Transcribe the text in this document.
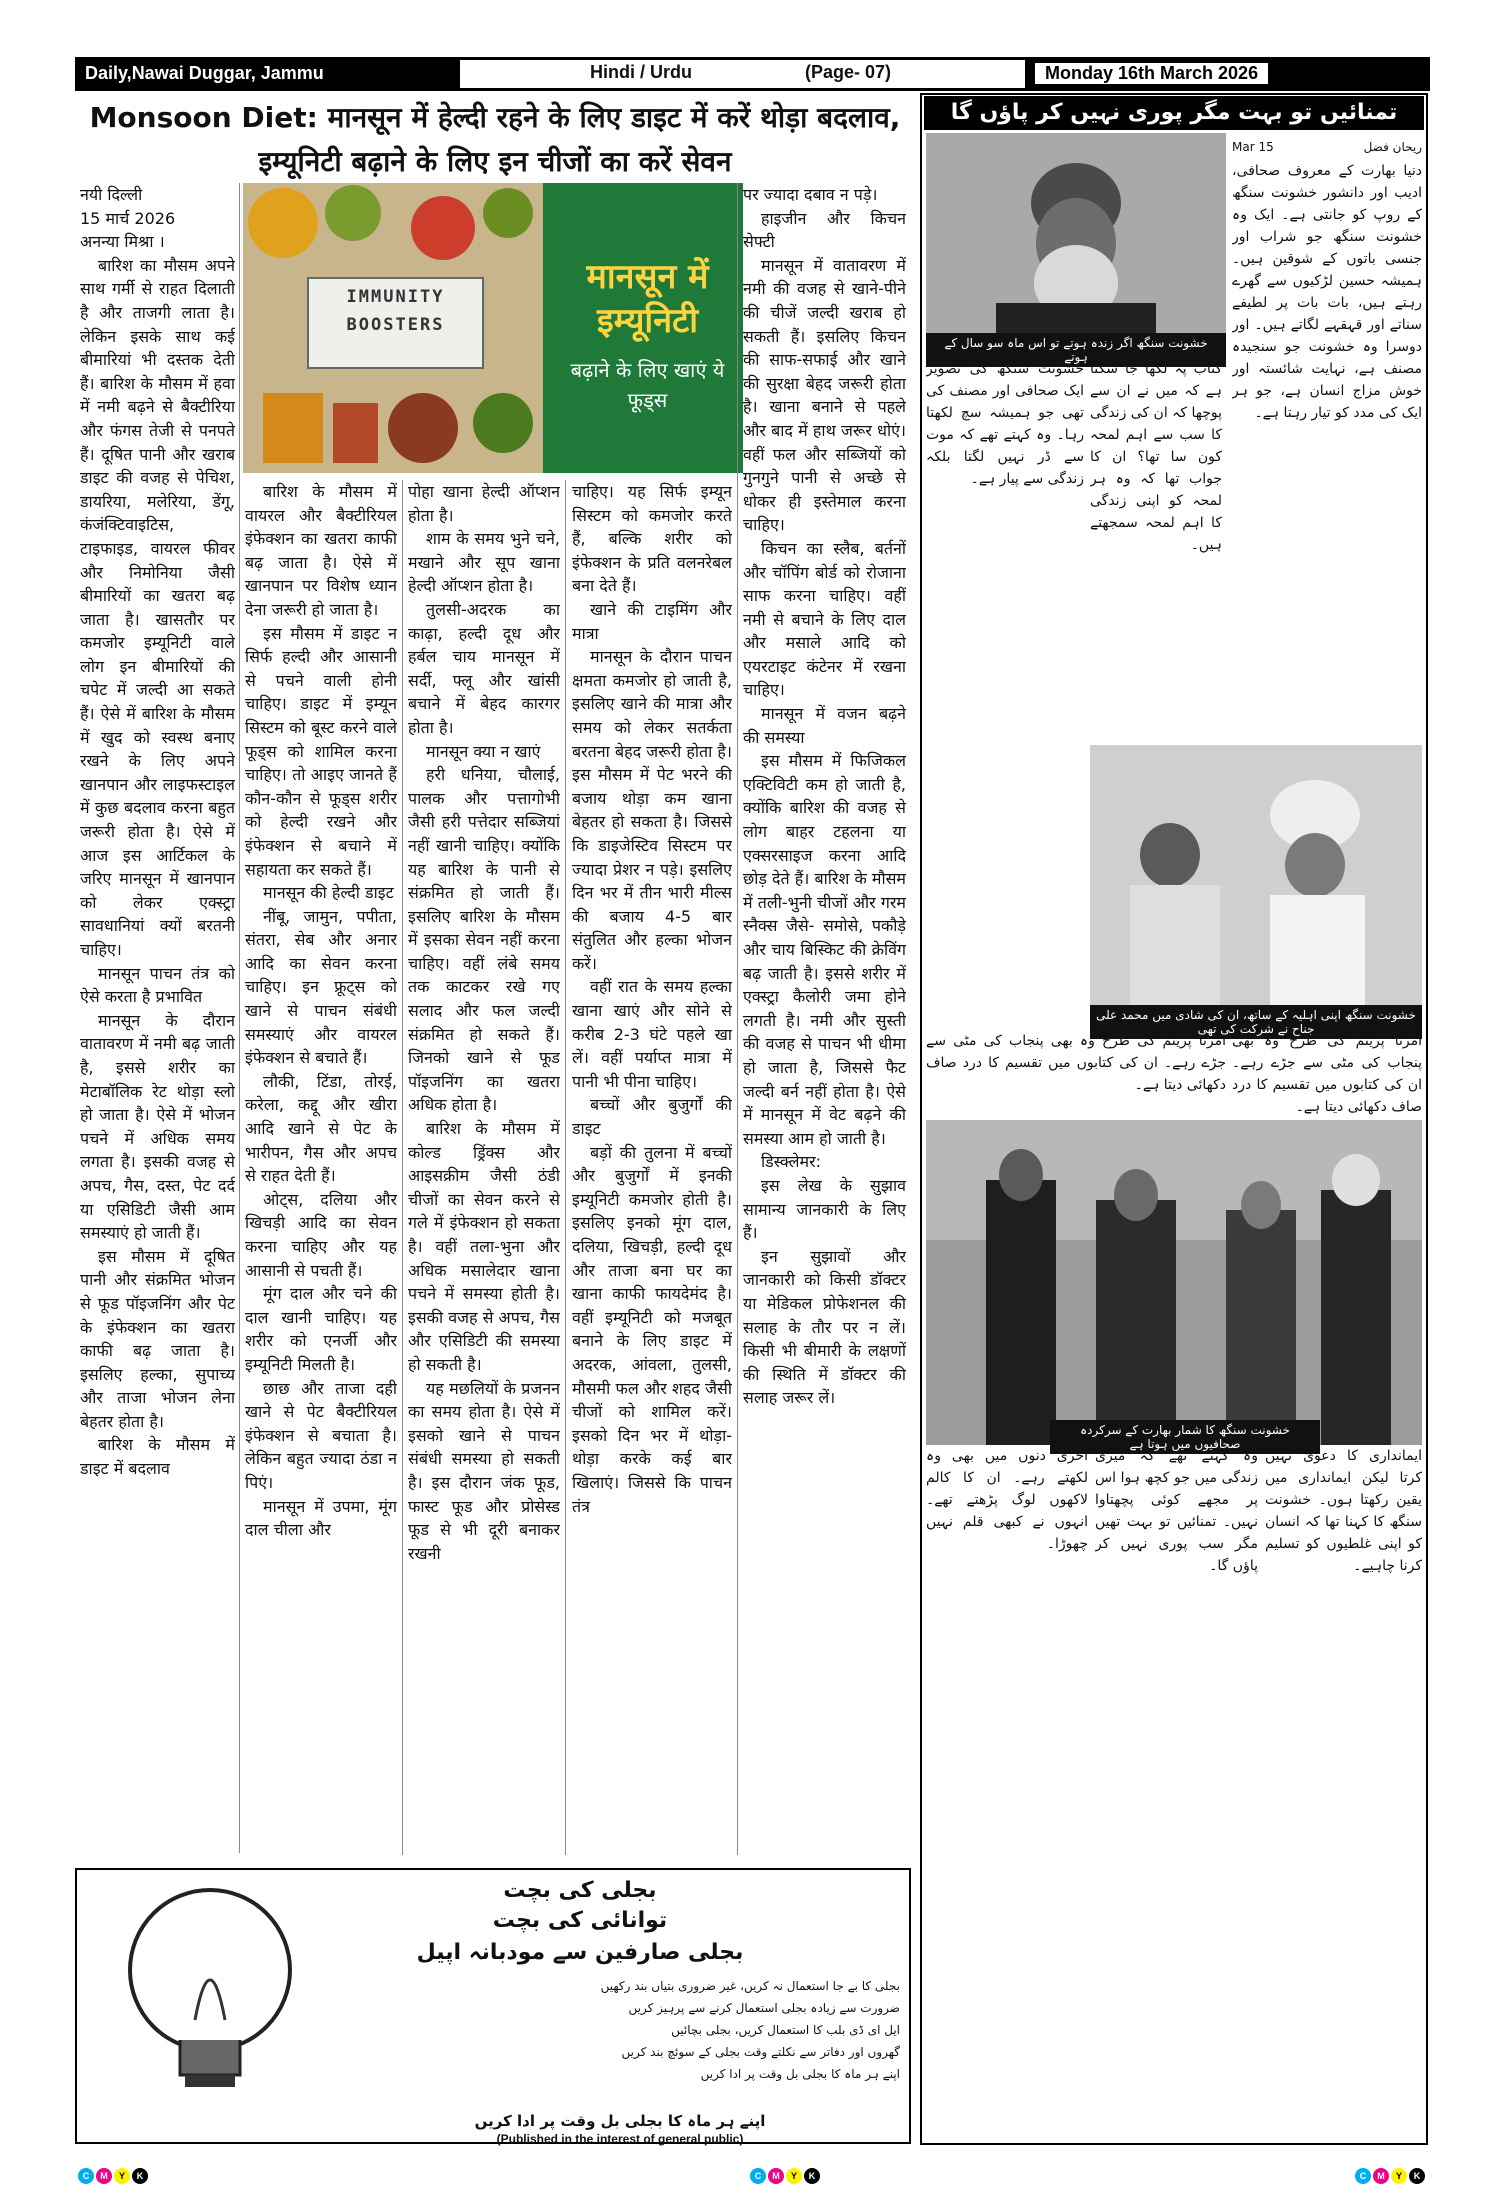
Daily,Nawai Duggar, Jammu	Hindi / Urdu	(Page- 07)	Monday 16th March 2026
Monsoon Diet: मानसून में हेल्दी रहने के लिए डाइट में करें थोड़ा बदलाव, इम्यूनिटी बढ़ाने के लिए इन चीजों का करें सेवन

नयी दिल्ली

15 मार्च 2026

अनन्या मिश्रा ।

बारिश का मौसम अपने साथ गर्मी से राहत दिलाती है और ताजगी लाता है। लेकिन इसके साथ कई बीमारियां भी दस्तक देती हैं। बारिश के मौसम में हवा में नमी बढ़ने से बैक्टीरिया और फंगस तेजी से पनपते हैं। दूषित पानी और खराब डाइट की वजह से पेचिश, डायरिया, मलेरिया, डेंगू, कंजंक्टिवाइटिस, टाइफाइड, वायरल फीवर और निमोनिया जैसी बीमारियों का खतरा बढ़ जाता है। खासतौर पर कमजोर इम्यूनिटी वाले लोग इन बीमारियों की चपेट में जल्दी आ सकते हैं। ऐसे में बारिश के मौसम में खुद को स्वस्थ बनाए रखने के लिए अपने खानपान और लाइफस्टाइल में कुछ बदलाव करना बहुत जरूरी होता है। ऐसे में आज इस आर्टिकल के जरिए मानसून में खानपान को लेकर एक्स्ट्रा सावधानियां क्यों बरतनी चाहिए।

मानसून पाचन तंत्र को ऐसे करता है प्रभावित

मानसून के दौरान वातावरण में नमी बढ़ जाती है, इससे शरीर का मेटाबॉलिक रेट थोड़ा स्लो हो जाता है। ऐसे में भोजन पचने में अधिक समय लगता है। इसकी वजह से अपच, गैस, दस्त, पेट दर्द या एसिडिटी जैसी आम समस्याएं हो जाती हैं।

इस मौसम में दूषित पानी और संक्रमित भोजन से फूड पॉइजनिंग और पेट के इंफेक्शन का खतरा काफी बढ़ जाता है। इसलिए हल्का, सुपाच्य और ताजा भोजन लेना बेहतर होता है।

बारिश के मौसम में डाइट में बदलाव

IMMUNITY BOOSTERS
मानसून में इम्यूनिटी
बढ़ाने के लिए खाएं ये फूड्स

बारिश के मौसम में वायरल और बैक्टीरियल इंफेक्शन का खतरा काफी बढ़ जाता है। ऐसे में खानपान पर विशेष ध्यान देना जरूरी हो जाता है।

इस मौसम में डाइट न सिर्फ हल्दी और आसानी से पचने वाली होनी चाहिए। डाइट में इम्यून सिस्टम को बूस्ट करने वाले फूड्स को शामिल करना चाहिए। तो आइए जानते हैं कौन-कौन से फूड्स शरीर को हेल्दी रखने और इंफेक्शन से बचाने में सहायता कर सकते हैं।

मानसून की हेल्दी डाइट

नींबू, जामुन, पपीता, संतरा, सेब और अनार आदि का सेवन करना चाहिए। इन फ्रूट्स को खाने से पाचन संबंधी समस्याएं और वायरल इंफेक्शन से बचाते हैं।

लौकी, टिंडा, तोरई, करेला, कद्दू और खीरा आदि खाने से पेट के भारीपन, गैस और अपच से राहत देती हैं।

ओट्स, दलिया और खिचड़ी आदि का सेवन करना चाहिए और यह आसानी से पचती हैं।

मूंग दाल और चने की दाल खानी चाहिए। यह शरीर को एनर्जी और इम्यूनिटी मिलती है।

छाछ और ताजा दही खाने से पेट बैक्टीरियल इंफेक्शन से बचाता है। लेकिन बहुत ज्यादा ठंडा न पिएं।

मानसून में उपमा, मूंग दाल चीला और

पोहा खाना हेल्दी ऑप्शन होता है।

शाम के समय भुने चने, मखाने और सूप खाना हेल्दी ऑप्शन होता है।

तुलसी-अदरक का काढ़ा, हल्दी दूध और हर्बल चाय मानसून में सर्दी, फ्लू और खांसी बचाने में बेहद कारगर होता है।

मानसून क्या न खाएं

हरी धनिया, चौलाई, पालक और पत्तागोभी जैसी हरी पत्तेदार सब्जियां नहीं खानी चाहिए। क्योंकि यह बारिश के पानी से संक्रमित हो जाती हैं। इसलिए बारिश के मौसम में इसका सेवन नहीं करना चाहिए। वहीं लंबे समय तक काटकर रखे गए सलाद और फल जल्दी संक्रमित हो सकते हैं। जिनको खाने से फूड पॉइजनिंग का खतरा अधिक होता है।

बारिश के मौसम में कोल्ड ड्रिंक्स और आइसक्रीम जैसी ठंडी चीजों का सेवन करने से गले में इंफेक्शन हो सकता है। वहीं तला-भुना और अधिक मसालेदार खाना पचने में समस्या होती है। इसकी वजह से अपच, गैस और एसिडिटी की समस्या हो सकती है।

यह मछलियों के प्रजनन का समय होता है। ऐसे में इसको खाने से पाचन संबंधी समस्या हो सकती है। इस दौरान जंक फूड, फास्ट फूड और प्रोसेस्ड फूड से भी दूरी बनाकर रखनी

चाहिए। यह सिर्फ इम्यून सिस्टम को कमजोर करते हैं, बल्कि शरीर को इंफेक्शन के प्रति वलनरेबल बना देते हैं।

खाने की टाइमिंग और मात्रा

मानसून के दौरान पाचन क्षमता कमजोर हो जाती है, इसलिए खाने की मात्रा और समय को लेकर सतर्कता बरतना बेहद जरूरी होता है। इस मौसम में पेट भरने की बजाय थोड़ा कम खाना बेहतर हो सकता है। जिससे कि डाइजेस्टिव सिस्टम पर ज्यादा प्रेशर न पड़े। इसलिए दिन भर में तीन भारी मील्स की बजाय 4-5 बार संतुलित और हल्का भोजन करें।

वहीं रात के समय हल्का खाना खाएं और सोने से करीब 2-3 घंटे पहले खा लें। वहीं पर्याप्त मात्रा में पानी भी पीना चाहिए।

बच्चों और बुजुर्गों की डाइट

बड़ों की तुलना में बच्चों और बुजुर्गों में इनकी इम्यूनिटी कमजोर होती है। इसलिए इनको मूंग दाल, दलिया, खिचड़ी, हल्दी दूध और ताजा बना घर का खाना काफी फायदेमंद है। वहीं इम्यूनिटी को मजबूत बनाने के लिए डाइट में अदरक, आंवला, तुलसी, मौसमी फल और शहद जैसी चीजों को शामिल करें। इसको दिन भर में थोड़ा-थोड़ा करके कई बार खिलाएं। जिससे कि पाचन तंत्र

पर ज्यादा दबाव न पड़े।

हाइजीन और किचन सेफ्टी

मानसून में वातावरण में नमी की वजह से खाने-पीने की चीजें जल्दी खराब हो सकती हैं। इसलिए किचन की साफ-सफाई और खाने की सुरक्षा बेहद जरूरी होता है। खाना बनाने से पहले और बाद में हाथ जरूर धोएं। वहीं फल और सब्जियों को गुनगुने पानी से अच्छे से धोकर ही इस्तेमाल करना चाहिए।

किचन का स्लैब, बर्तनों और चॉपिंग बोर्ड को रोजाना साफ करना चाहिए। वहीं नमी से बचाने के लिए दाल और मसाले आदि को एयरटाइट कंटेनर में रखना चाहिए।

मानसून में वजन बढ़ने की समस्या

इस मौसम में फिजिकल एक्टिविटी कम हो जाती है, क्योंकि बारिश की वजह से लोग बाहर टहलना या एक्सरसाइज करना आदि छोड़ देते हैं। बारिश के मौसम में तली-भुनी चीजों और गरम स्नैक्स जैसे- समोसे, पकौड़े और चाय बिस्किट की क्रेविंग बढ़ जाती है। इससे शरीर में एक्स्ट्रा कैलोरी जमा होने लगती है। नमी और सुस्ती की वजह से पाचन भी धीमा हो जाता है, जिससे फैट जल्दी बर्न नहीं होता है। ऐसे में मानसून में वेट बढ़ने की समस्या आम हो जाती है।

डिस्क्लेमर:

इस लेख के सुझाव सामान्य जानकारी के लिए हैं।

इन सुझावों और जानकारी को किसी डॉक्टर या मेडिकल प्रोफेशनल की सलाह के तौर पर न लें। किसी भी बीमारी के लक्षणों की स्थिति में डॉक्टर की सलाह जरूर लें।

تمنائیں تو بہت مگر پوری نہیں کر پاؤں گا
خشونت سنگھ اگر زندہ ہوتے تو اس ماہ سو سال کے ہوتے
ریحان فضل
15 Mar
دنیا بھارت کے معروف صحافی، ادیب اور دانشور خشونت سنگھ کے روپ کو جانتی ہے۔ ایک وہ خشونت سنگھ جو شراب اور جنسی باتوں کے شوقین ہیں۔ ہمیشہ حسین لڑکیوں سے گھرے رہتے ہیں، بات بات پر لطیفے سناتے اور قہقہے لگاتے ہیں۔ اور دوسرا وہ خشونت جو سنجیدہ مصنف ہے، نہایت شائستہ اور خوش مزاج انسان ہے، جو ہر ایک کی مدد کو تیار رہتا ہے۔
کتاب پہ لکھا جا سکتا ہے کہ میں نے ان سے پوچھا کہ ان کی زندگی کا سب سے اہم لمحہ کون سا تھا؟ ان کا جواب تھا کہ وہ ہر لمحہ کو اپنی زندگی کا اہم لمحہ سمجھتے ہیں۔
خشونت سنگھ کی تصویر ایک صحافی اور مصنف کی تھی جو ہمیشہ سچ لکھتا رہا۔ وہ کہتے تھے کہ موت سے ڈر نہیں لگتا بلکہ زندگی سے پیار ہے۔
خشونت سنگھ اپنی اہلیہ کے ساتھ، ان کی شادی میں محمد علی جناح نے شرکت کی تھی
امرتا پریتم کی طرح وہ بھی پنجاب کی مٹی سے جڑے رہے۔ ان کی کتابوں میں تقسیم کا درد صاف دکھائی دیتا ہے۔
امرتا پریتم کی طرح وہ بھی پنجاب کی مٹی سے جڑے رہے۔ ان کی کتابوں میں تقسیم کا درد صاف دکھائی دیتا ہے۔
خشونت سنگھ کا شمار بھارت کے سرکردہ صحافیوں میں ہوتا ہے
ایمانداری کا دعویٰ نہیں کرتا لیکن ایمانداری میں یقین رکھتا ہوں۔ خشونت سنگھ کا کہنا تھا کہ انسان کو اپنی غلطیوں کو تسلیم کرنا چاہیے۔
وہ کہتے تھے کہ میری زندگی میں جو کچھ ہوا اس پر مجھے کوئی پچھتاوا نہیں۔ تمنائیں تو بہت تھیں مگر سب پوری نہیں کر پاؤں گا۔
آخری دنوں میں بھی وہ لکھتے رہے۔ ان کا کالم لاکھوں لوگ پڑھتے تھے۔ انہوں نے کبھی قلم نہیں چھوڑا۔
بجلی کی بچت
توانائی کی بچت
بجلی صارفین سے مودبانہ اپیل
بجلی کا بے جا استعمال نہ کریں، غیر ضروری بتیاں بند رکھیں
ضرورت سے زیادہ بجلی استعمال کرنے سے پرہیز کریں
ایل ای ڈی بلب کا استعمال کریں، بجلی بچائیں
گھروں اور دفاتر سے نکلتے وقت بجلی کے سوئچ بند کریں
اپنے ہر ماہ کا بجلی بل وقت پر ادا کریں
اپنے ہر ماہ کا بجلی بل وقت پر ادا کریں
(Published in the interest of general public)
C	M	Y	K	C	M	Y	K	C	M	Y	K
